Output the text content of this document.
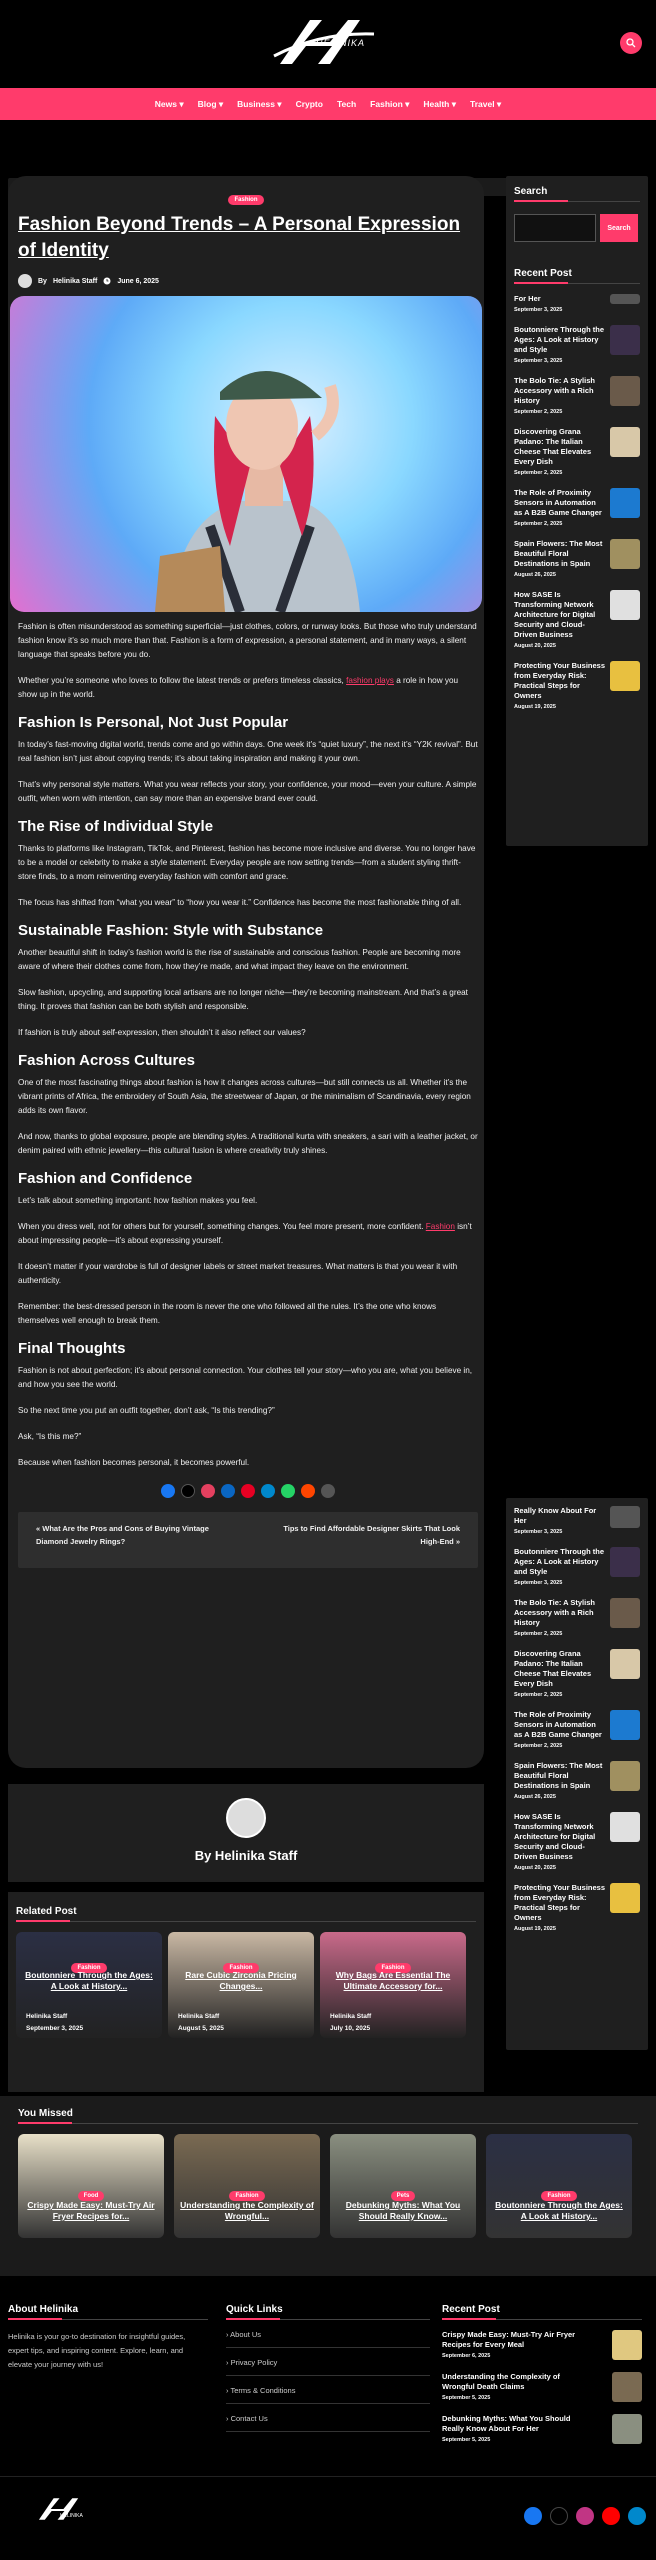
HELINIKA
News ▾ Blog ▾ Business ▾ Crypto Tech Fashion ▾ Health ▾ Travel ▾
Fashion
Fashion Beyond Trends – A Personal Expression of Identity
By Helinika Staff	June 6, 2025

Fashion is often misunderstood as something superficial—just clothes, colors, or runway looks. But those who truly understand fashion know it’s so much more than that. Fashion is a form of expression, a personal statement, and in many ways, a silent language that speaks before you do.

Whether you’re someone who loves to follow the latest trends or prefers timeless classics, fashion plays a role in how you show up in the world.

Fashion Is Personal, Not Just Popular

In today’s fast-moving digital world, trends come and go within days. One week it’s “quiet luxury”, the next it’s “Y2K revival”. But real fashion isn’t just about copying trends; it’s about taking inspiration and making it your own.

That’s why personal style matters. What you wear reflects your story, your confidence, your mood—even your culture. A simple outfit, when worn with intention, can say more than an expensive brand ever could.

The Rise of Individual Style

Thanks to platforms like Instagram, TikTok, and Pinterest, fashion has become more inclusive and diverse. You no longer have to be a model or celebrity to make a style statement. Everyday people are now setting trends—from a student styling thrift-store finds, to a mom reinventing everyday fashion with comfort and grace.

The focus has shifted from “what you wear” to “how you wear it.” Confidence has become the most fashionable thing of all.

Sustainable Fashion: Style with Substance

Another beautiful shift in today’s fashion world is the rise of sustainable and conscious fashion. People are becoming more aware of where their clothes come from, how they’re made, and what impact they leave on the environment.

Slow fashion, upcycling, and supporting local artisans are no longer niche—they’re becoming mainstream. And that’s a great thing. It proves that fashion can be both stylish and responsible.

If fashion is truly about self-expression, then shouldn’t it also reflect our values?

Fashion Across Cultures

One of the most fascinating things about fashion is how it changes across cultures—but still connects us all. Whether it’s the vibrant prints of Africa, the embroidery of South Asia, the streetwear of Japan, or the minimalism of Scandinavia, every region adds its own flavor.

And now, thanks to global exposure, people are blending styles. A traditional kurta with sneakers, a sari with a leather jacket, or denim paired with ethnic jewellery—this cultural fusion is where creativity truly shines.

Fashion and Confidence

Let’s talk about something important: how fashion makes you feel.

When you dress well, not for others but for yourself, something changes. You feel more present, more confident. Fashion isn’t about impressing people—it’s about expressing yourself.

It doesn’t matter if your wardrobe is full of designer labels or street market treasures. What matters is that you wear it with authenticity.

Remember: the best-dressed person in the room is never the one who followed all the rules. It’s the one who knows themselves well enough to break them.

Final Thoughts

Fashion is not about perfection; it’s about personal connection. Your clothes tell your story—who you are, what you believe in, and how you see the world.

So the next time you put an outfit together, don’t ask, “Is this trending?”

Ask, “Is this me?”

Because when fashion becomes personal, it becomes powerful.

« What Are the Pros and Cons of Buying Vintage Diamond Jewelry Rings?
Tips to Find Affordable Designer Skirts That Look High-End »
Search
Search
Recent Post
For Her
September 3, 2025
Boutonniere Through the Ages: A Look at History and Style
September 3, 2025
The Bolo Tie: A Stylish Accessory with a Rich History
September 2, 2025
Discovering Grana Padano: The Italian Cheese That Elevates Every Dish
September 2, 2025
The Role of Proximity Sensors in Automation as A B2B Game Changer
September 2, 2025
Spain Flowers: The Most Beautiful Floral Destinations in Spain
August 26, 2025
How SASE Is Transforming Network Architecture for Digital Security and Cloud-Driven Business
August 20, 2025
Protecting Your Business from Everyday Risk: Practical Steps for Owners
August 19, 2025
Really Know About For Her
September 3, 2025
Boutonniere Through the Ages: A Look at History and Style
September 3, 2025
The Bolo Tie: A Stylish Accessory with a Rich History
September 2, 2025
Discovering Grana Padano: The Italian Cheese That Elevates Every Dish
September 2, 2025
The Role of Proximity Sensors in Automation as A B2B Game Changer
September 2, 2025
Spain Flowers: The Most Beautiful Floral Destinations in Spain
August 26, 2025
How SASE Is Transforming Network Architecture for Digital Security and Cloud-Driven Business
August 20, 2025
Protecting Your Business from Everyday Risk: Practical Steps for Owners
August 19, 2025
By Helinika Staff
Related Post
Fashion
Boutonniere Through the Ages: A Look at History...
Helinika Staff
September 3, 2025
Fashion
Rare Cubic Zirconia Pricing Changes...
Helinika Staff
August 5, 2025
Fashion
Why Bags Are Essential The Ultimate Accessory for...
Helinika Staff
July 10, 2025
You Missed
Food
Crispy Made Easy: Must-Try Air Fryer Recipes for...
Fashion
Understanding the Complexity of Wrongful...
Pets
Debunking Myths: What You Should Really Know...
Fashion
Boutonniere Through the Ages: A Look at History...
About Helinika

Helinika is your go-to destination for insightful guides, expert tips, and inspiring content. Explore, learn, and elevate your journey with us!

Quick Links
› About Us
› Privacy Policy
› Terms & Conditions
› Contact Us
Recent Post
Crispy Made Easy: Must-Try Air Fryer Recipes for Every Meal
September 6, 2025
Understanding the Complexity of Wrongful Death Claims
September 5, 2025
Debunking Myths: What You Should Really Know About For Her
September 5, 2025
HELINIKA
